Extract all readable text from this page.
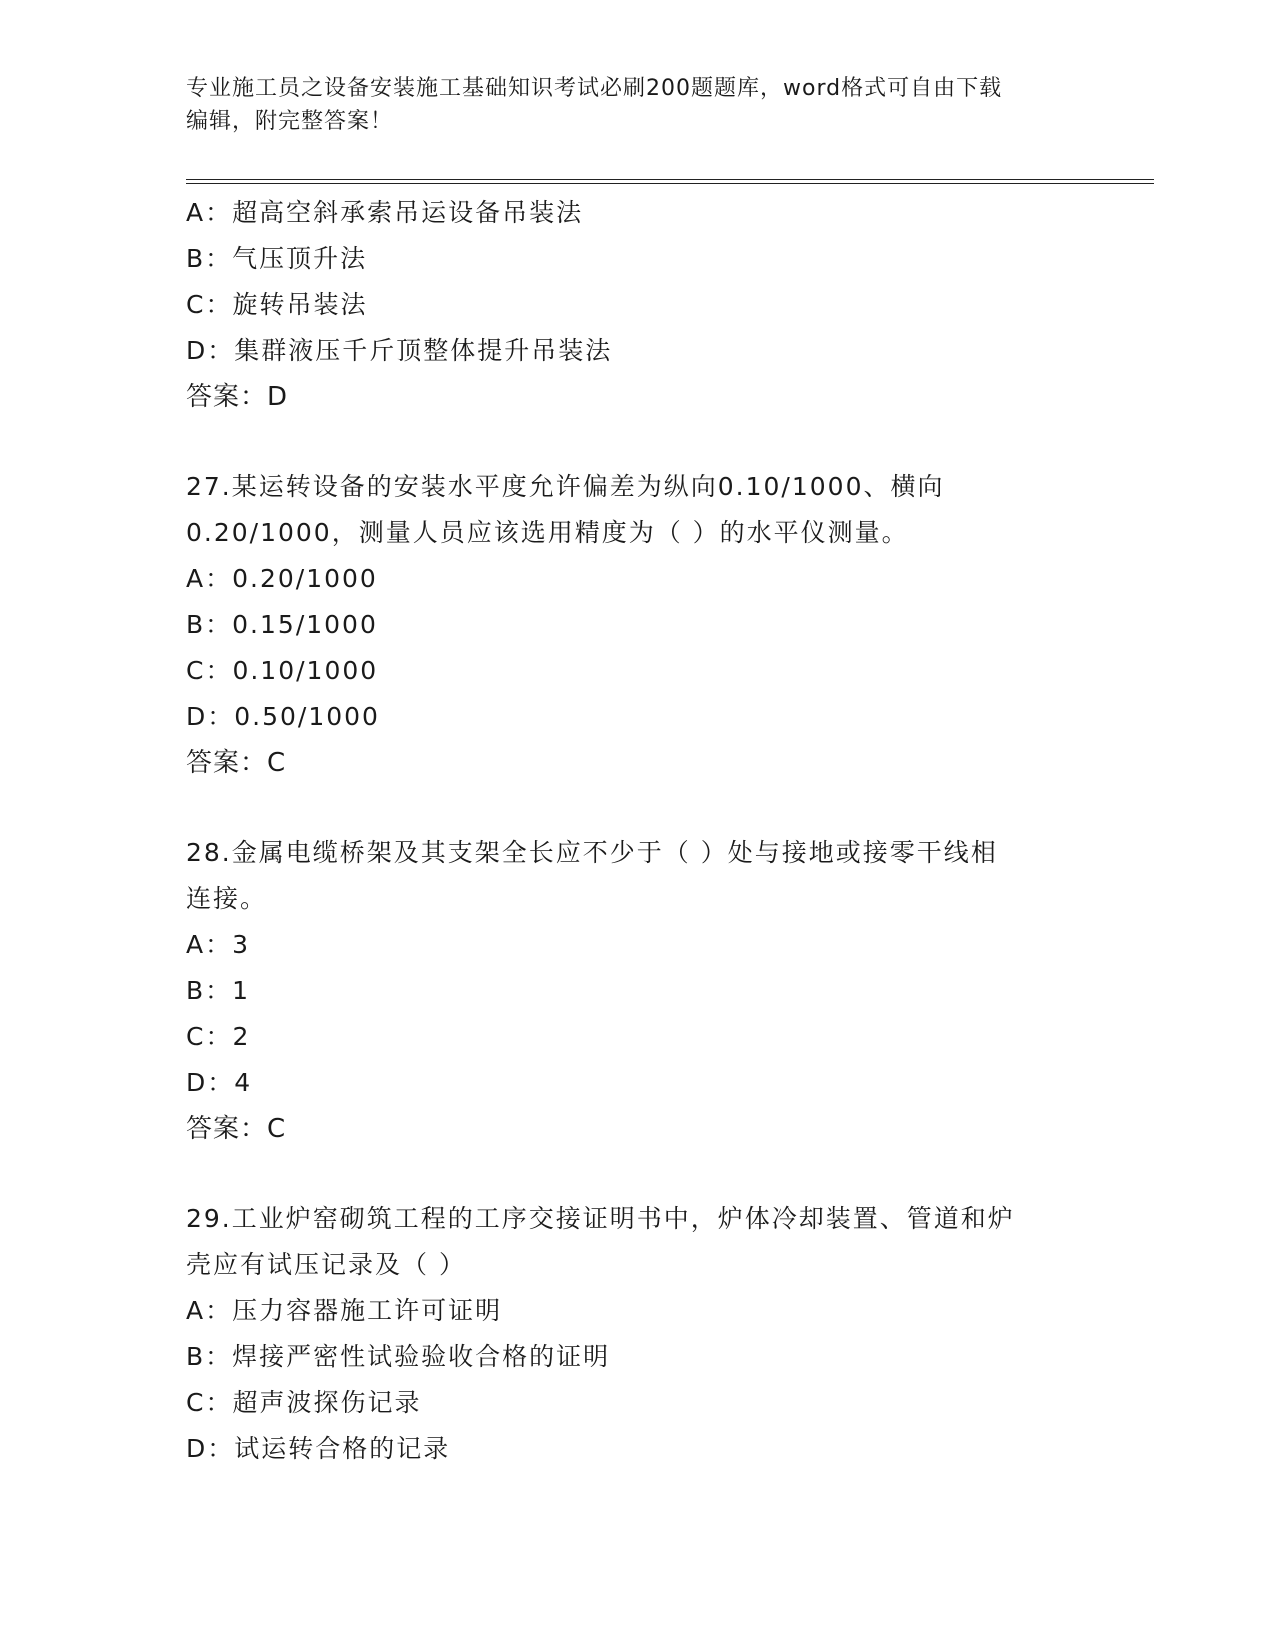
专业施工员之设备安装施工基础知识考试必刷200题题库，word格式可自由下载
编辑，附完整答案！
A：超高空斜承索吊运设备吊装法
B：气压顶升法
C：旋转吊装法
D：集群液压千斤顶整体提升吊装法
答案：D
27.某运转设备的安装水平度允许偏差为纵向0.10/1000、横向
0.20/1000，测量人员应该选用精度为（ ）的水平仪测量。
A：0.20/1000
B：0.15/1000
C：0.10/1000
D：0.50/1000
答案：C
28.金属电缆桥架及其支架全长应不少于（ ）处与接地或接零干线相
连接。
A：3
B：1
C：2
D：4
答案：C
29.工业炉窑砌筑工程的工序交接证明书中，炉体冷却装置、管道和炉
壳应有试压记录及（ ）
A：压力容器施工许可证明
B：焊接严密性试验验收合格的证明
C：超声波探伤记录
D：试运转合格的记录
